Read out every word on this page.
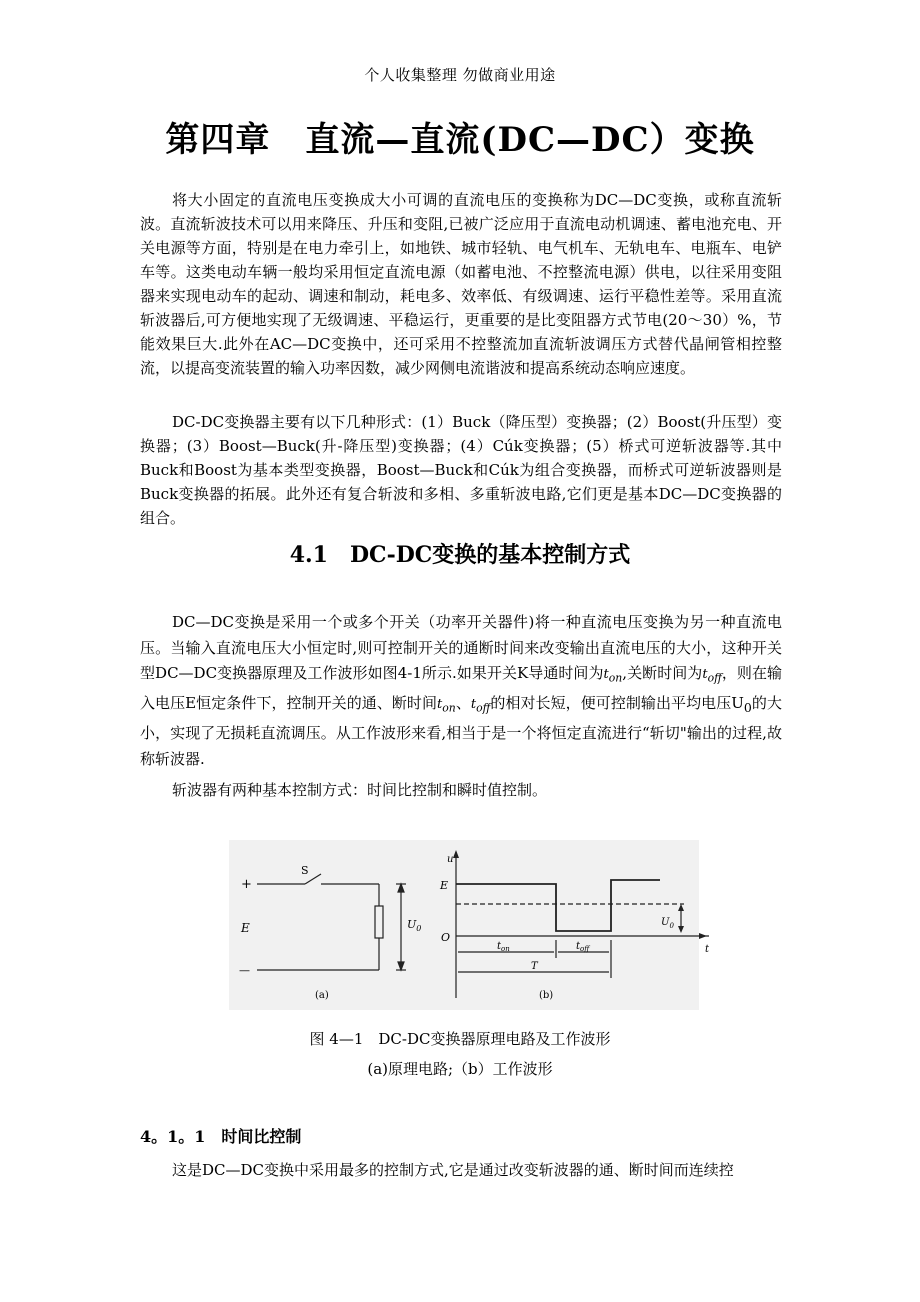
个人收集整理 勿做商业用途
第四章　直流—直流(DC—DC）变换

将大小固定的直流电压变换成大小可调的直流电压的变换称为DC—DC变换，或称直流斩波。直流斩波技术可以用来降压、升压和变阻,已被广泛应用于直流电动机调速、蓄电池充电、开关电源等方面，特别是在电力牵引上，如地铁、城市轻轨、电气机车、无轨电车、电瓶车、电铲车等。这类电动车辆一般均采用恒定直流电源（如蓄电池、不控整流电源）供电，以往采用变阻器来实现电动车的起动、调速和制动，耗电多、效率低、有级调速、运行平稳性差等。采用直流斩波器后,可方便地实现了无级调速、平稳运行，更重要的是比变阻器方式节电(20～30）%，节能效果巨大.此外在AC—DC变换中，还可采用不控整流加直流斩波调压方式替代晶闸管相控整流，以提高变流装置的输入功率因数，减少网侧电流谐波和提高系统动态响应速度。

DC-DC变换器主要有以下几种形式：(1）Buck（降压型）变换器；(2）Boost(升压型）变换器；(3）Boost—Buck(升-降压型)变换器；(4）Cúk变换器；(5）桥式可逆斩波器等.其中Buck和Boost为基本类型变换器，Boost—Buck和Cúk为组合变换器，而桥式可逆斩波器则是Buck变换器的拓展。此外还有复合斩波和多相、多重斩波电路,它们更是基本DC—DC变换器的组合。

4.1　DC-DC变换的基本控制方式

DC—DC变换是采用一个或多个开关（功率开关器件)将一种直流电压变换为另一种直流电压。当输入直流电压大小恒定时,则可控制开关的通断时间来改变输出直流电压的大小，这种开关型DC—DC变换器原理及工作波形如图4-1所示.如果开关K导通时间为$t_{on}$,关断时间为$t_{off}$，则在输入电压E恒定条件下，控制开关的通、断时间$t_{on}$、$t_{off}$的相对长短，便可控制输出平均电压$U_0$的大小，实现了无损耗直流调压。从工作波形来看,相当于是一个将恒定直流进行“斩切"输出的过程,故称斩波器.

斩波器有两种基本控制方式：时间比控制和瞬时值控制。

+
—
S
E	$U_0$
(a)
u
t
E
O
$U_0$
$t_{on}$	$t_{off}$
T
(b)
图 4—1　DC-DC变换器原理电路及工作波形
(a)原理电路;（b）工作波形
4。1。1　时间比控制

这是DC—DC变换中采用最多的控制方式,它是通过改变斩波器的通、断时间而连续控
